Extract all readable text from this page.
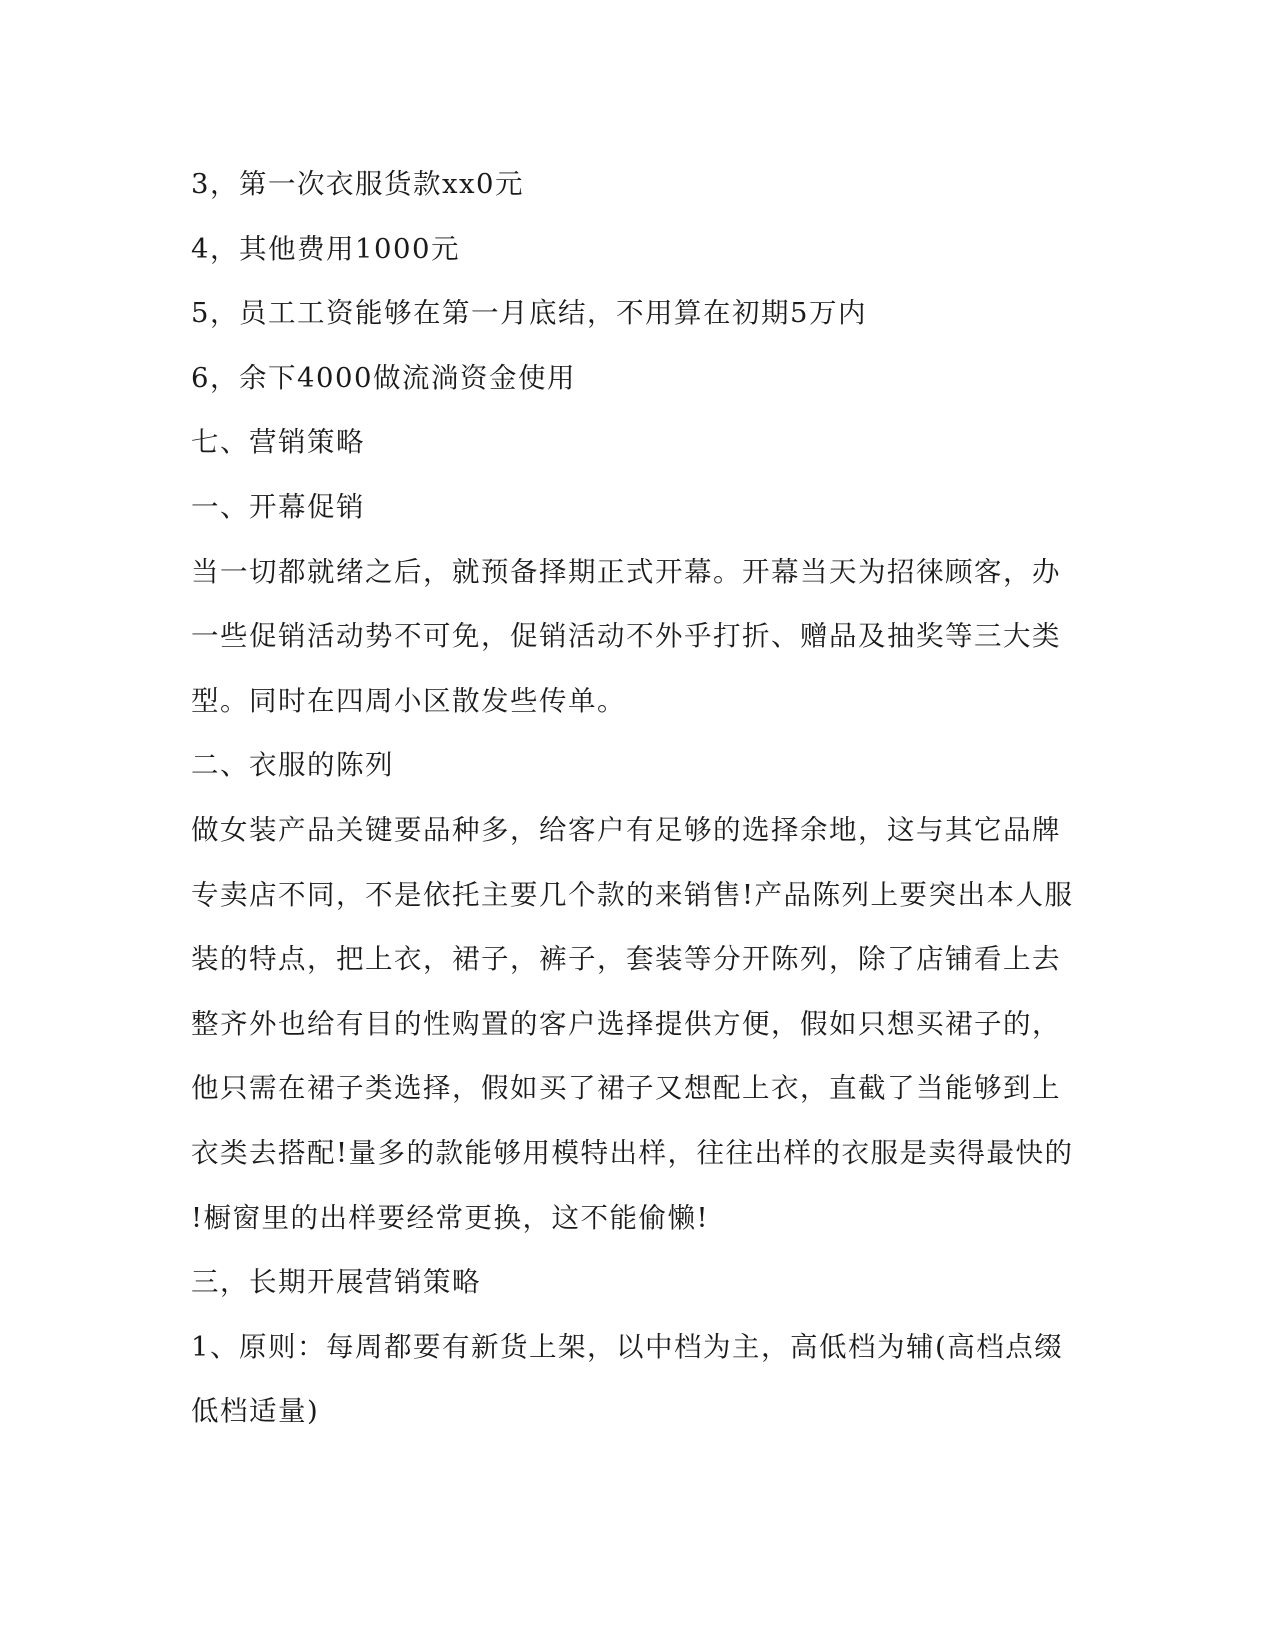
3，第一次衣服货款xx0元

4，其他费用1000元

5，员工工资能够在第一月底结，不用算在初期5万内

6，余下4000做流淌资金使用

七、营销策略

一、开幕促销

当一切都就绪之后，就预备择期正式开幕。开幕当天为招徕顾客，办

一些促销活动势不可免，促销活动不外乎打折、赠品及抽奖等三大类

型。同时在四周小区散发些传单。

二、衣服的陈列

做女装产品关键要品种多，给客户有足够的选择余地，这与其它品牌

专卖店不同，不是依托主要几个款的来销售!产品陈列上要突出本人服

装的特点，把上衣，裙子，裤子，套装等分开陈列，除了店铺看上去

整齐外也给有目的性购置的客户选择提供方便，假如只想买裙子的，

他只需在裙子类选择，假如买了裙子又想配上衣，直截了当能够到上

衣类去搭配!量多的款能够用模特出样，往往出样的衣服是卖得最快的

!橱窗里的出样要经常更换，这不能偷懒!

三，长期开展营销策略

1、原则：每周都要有新货上架，以中档为主，高低档为辅(高档点缀

低档适量)
